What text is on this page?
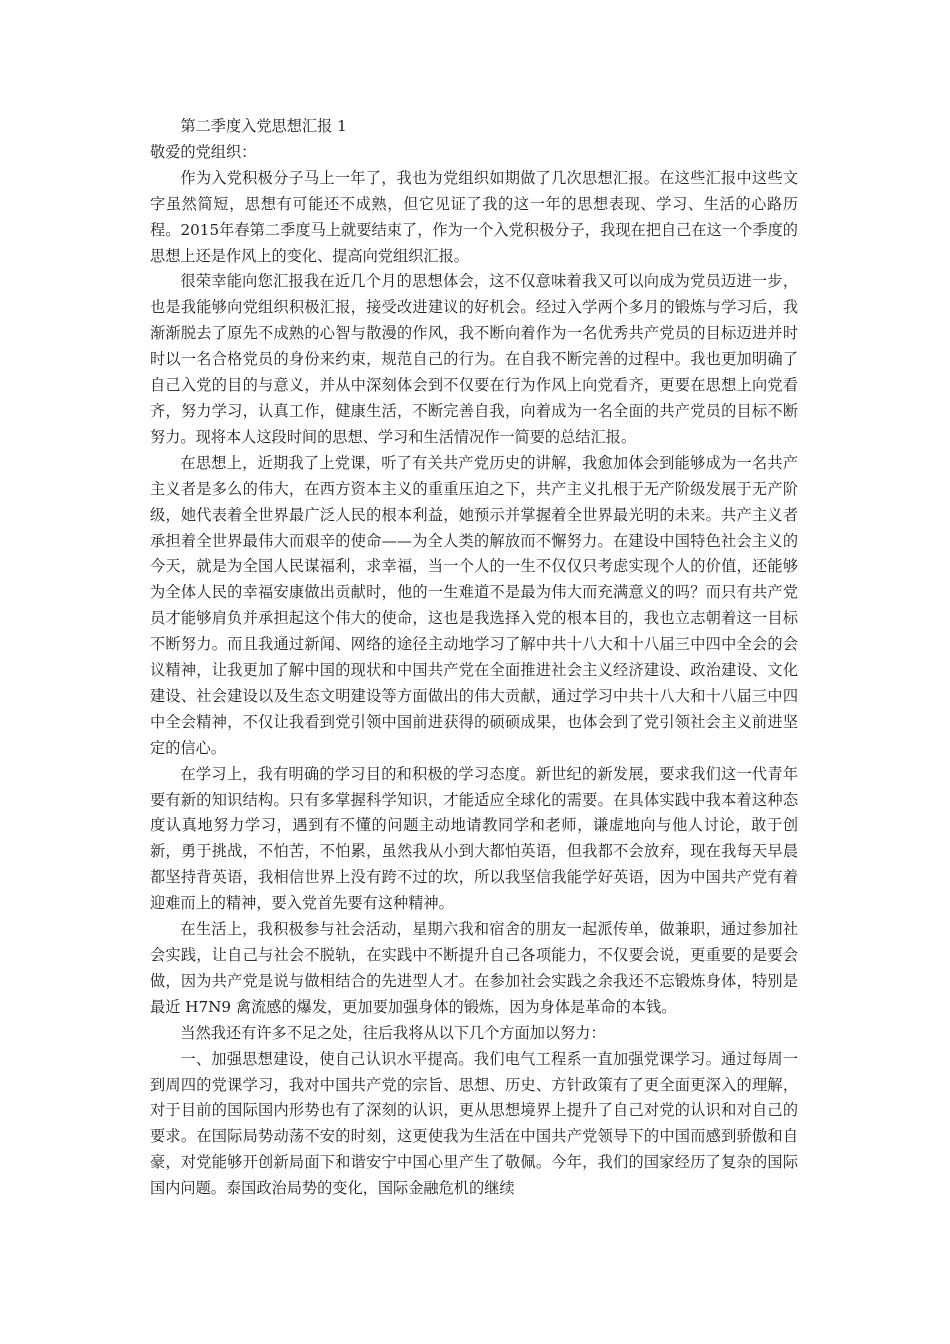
第二季度入党思想汇报 1

敬爱的党组织：

作为入党积极分子马上一年了，我也为党组织如期做了几次思想汇报。在这些汇报中这些文字虽然简短，思想有可能还不成熟，但它见证了我的这一年的思想表现、学习、生活的心路历程。2015年春第二季度马上就要结束了，作为一个入党积极分子，我现在把自己在这一个季度的思想上还是作风上的变化、提高向党组织汇报。

很荣幸能向您汇报我在近几个月的思想体会，这不仅意味着我又可以向成为党员迈进一步，也是我能够向党组织积极汇报，接受改进建议的好机会。经过入学两个多月的锻炼与学习后，我渐渐脱去了原先不成熟的心智与散漫的作风，我不断向着作为一名优秀共产党员的目标迈进并时时以一名合格党员的身份来约束，规范自己的行为。在自我不断完善的过程中。我也更加明确了自己入党的目的与意义，并从中深刻体会到不仅要在行为作风上向党看齐，更要在思想上向党看齐，努力学习，认真工作，健康生活，不断完善自我，向着成为一名全面的共产党员的目标不断努力。现将本人这段时间的思想、学习和生活情况作一简要的总结汇报。

在思想上，近期我了上党课，听了有关共产党历史的讲解，我愈加体会到能够成为一名共产主义者是多么的伟大，在西方资本主义的重重压迫之下，共产主义扎根于无产阶级发展于无产阶级，她代表着全世界最广泛人民的根本利益，她预示并掌握着全世界最光明的未来。共产主义者承担着全世界最伟大而艰辛的使命——为全人类的解放而不懈努力。在建设中国特色社会主义的今天，就是为全国人民谋福利，求幸福，当一个人的一生不仅仅只考虑实现个人的价值，还能够为全体人民的幸福安康做出贡献时，他的一生难道不是最为伟大而充满意义的吗？而只有共产党员才能够肩负并承担起这个伟大的使命，这也是我选择入党的根本目的，我也立志朝着这一目标不断努力。而且我通过新闻、网络的途径主动地学习了解中共十八大和十八届三中四中全会的会议精神，让我更加了解中国的现状和中国共产党在全面推进社会主义经济建设、政治建设、文化建设、社会建设以及生态文明建设等方面做出的伟大贡献，通过学习中共十八大和十八届三中四中全会精神，不仅让我看到党引领中国前进获得的硕硕成果，也体会到了党引领社会主义前进坚定的信心。

在学习上，我有明确的学习目的和积极的学习态度。新世纪的新发展，要求我们这一代青年要有新的知识结构。只有多掌握科学知识，才能适应全球化的需要。在具体实践中我本着这种态度认真地努力学习，遇到有不懂的问题主动地请教同学和老师，谦虚地向与他人讨论，敢于创新，勇于挑战，不怕苦，不怕累，虽然我从小到大都怕英语，但我都不会放弃，现在我每天早晨都坚持背英语，我相信世界上没有跨不过的坎，所以我坚信我能学好英语，因为中国共产党有着迎难而上的精神，要入党首先要有这种精神。

在生活上，我积极参与社会活动，星期六我和宿舍的朋友一起派传单，做兼职，通过参加社会实践，让自己与社会不脱轨，在实践中不断提升自己各项能力，不仅要会说，更重要的是要会做，因为共产党是说与做相结合的先进型人才。在参加社会实践之余我还不忘锻炼身体，特别是最近 H7N9 禽流感的爆发，更加要加强身体的锻炼，因为身体是革命的本钱。

当然我还有许多不足之处，往后我将从以下几个方面加以努力：

一、加强思想建设，使自己认识水平提高。我们电气工程系一直加强党课学习。通过每周一到周四的党课学习，我对中国共产党的宗旨、思想、历史、方针政策有了更全面更深入的理解，对于目前的国际国内形势也有了深刻的认识，更从思想境界上提升了自己对党的认识和对自己的要求。在国际局势动荡不安的时刻，这更使我为生活在中国共产党领导下的中国而感到骄傲和自豪，对党能够开创新局面下和谐安宁中国心里产生了敬佩。今年，我们的国家经历了复杂的国际国内问题。泰国政治局势的变化，国际金融危机的继续
